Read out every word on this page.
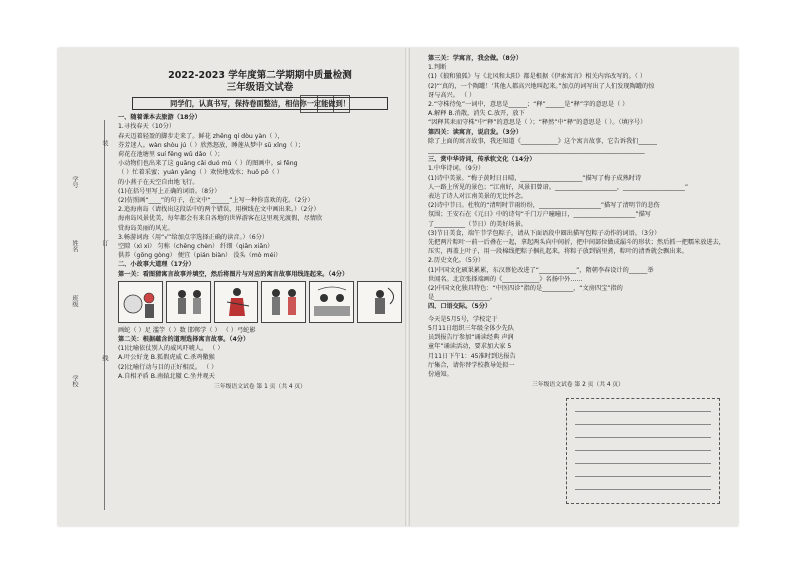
学校
班级
姓名
学号
装
订
线
2022-2023 学年度第二学期期中质量检测
三年级语文试卷
同学们，认真书写，保持卷面整洁，相信你一定能做到！
一、随着课本去旅游（18分）
1.寻找春天（10分）
春天迈着轻盈的脚步走来了。鲜花 zhēng qí dòu yàn（ ），
芬芳迷人。wàn shòu jú（ ）欣然怒放，睡莲从梦中 sū xǐng（ ）；
荷花在池塘里 suí fēng wǔ dǎo（ ）；
小动物们也出来了这 guāng cǎi duó mù（ ）的图画中。si fēng
（ ）忙着采蜜；yuàn yāng（ ）欢快地戏水；huǒ pō（ ）
的小燕子在天空自由地飞行。
(1)在括号里写上正确的词语。（8分）
(2)仿照画“____”的句子，在文中“______”上写一种你喜欢的花。（2分）
2.追海南岛（请找出这段话中的两个错误，用横线在文中画出来。）（2分）
海南岛风景优美，每年都会有来自各地的世界游客在这里观光渡假，尽情欣
赏海岛美丽的风光。
3.畅游词海（用“√”给加点字选择正确的读音。）（6分）
空隙（xì xì） 匀称（chēng chèn） 纤细（qiān xiān）
供养（gōng gòng） 便宜（pián biàn） 没头（mò méi）
二、小故事大道理（17分）
第一关：看图猜寓言故事并填空，然后将图片与对应的寓言故事用线连起来。（4分）
画蛇（ ）足 滥竽（ ）数 邯郸学（ ） （ ）弓蛇影
第二关：根据蕴含的道理选择寓言故事。（4分）
(1)比喻依仗别人的威风吓唬人。 （ ）
A.叶公好龙 B.狐假虎威 C.杀鸡儆猴
(2)比喻行动与目的正好相反。 （ ）
A.自相矛盾 B.南辕北辙 C.坐井观天
三年级语文试卷 第 1 页（共 4 页）
第三关：学寓言，我会做。（8分）
1.判断
(1)《狼和狼狐》与《北风和太阳》都是根据《伊索寓言》相关内容改写的。（ ）
(2)“‘真的，一个陶罐！’其他人都高兴地叫起来。”加点的词写出了人们发现陶罐的惊
讶与高兴。 （ ）
2.“守株待兔”一词中，意思是______；“释”______是“释”字的意思是（ ）
A.解释 B.消散，消失 C.放开，放下
“因释其耒而守株”中“释”的意思是（ ）；“释然”中“释”的意思是（ ）。（填序号）
第四关：读寓言，说启发。（3分）
除了上面的寓言故事，我还知道《____________》这个寓言故事，它告诉我们______
______________________________________________________________________
三、赏中华诗词，传承软文化（14分）
1.中华诗词。（9分）
(1)诗中美景。“梅子黄时日日晴，____________________”描写了梅子成熟时诗
人一路上所见的景色；“江南好，风景旧曾谙。____________________，____________________”
表达了诗人对江南美景的无比怀念。
(2)诗中节日。杜牧的“清明时节雨纷纷，____________________”描写了清明节的悲伤
氛围；王安石在《元日》中的诗句“千门万户曈曈日，____________________”描写
了__________（节日）的美好场景。
(3)节日美食，端午节学包粽子，请从下面语段中圈出描写包粽子动作的词语。（3分）
先把两片粽叶一前一后叠在一起，拿起两头向中间折，把中间部位做成漏斗的形状；然后抓一把糯米放进去，
压实，再盖上叶子，用一段棉线把粽子捆扎起来，将粽子放到锅里煮，粽叶的清香就会飘出来。
2.历史文化。（5分）
(1)中国文化硕果累累，东汉蔡伦改进了“____________”，隋朝李春设计的______举
世闻名。北京张择端画的《____________》名扬中外……
(2)中国文化独具特色：“中医四诊”指的是__________，“文房四宝”指的
是__________________。
四、口语交际。（5分）
今天是5月5号，学校定于
5月11日组织三年级全体少先队
员到报告厅参加“诵读经典 声润
童年”诵读活动，要求加大家 5
月11日下午1：45准时到达报告
厅集合，请你替学校教导处拟一
份通知。
三年级语文试卷 第 2 页（共 4 页）
